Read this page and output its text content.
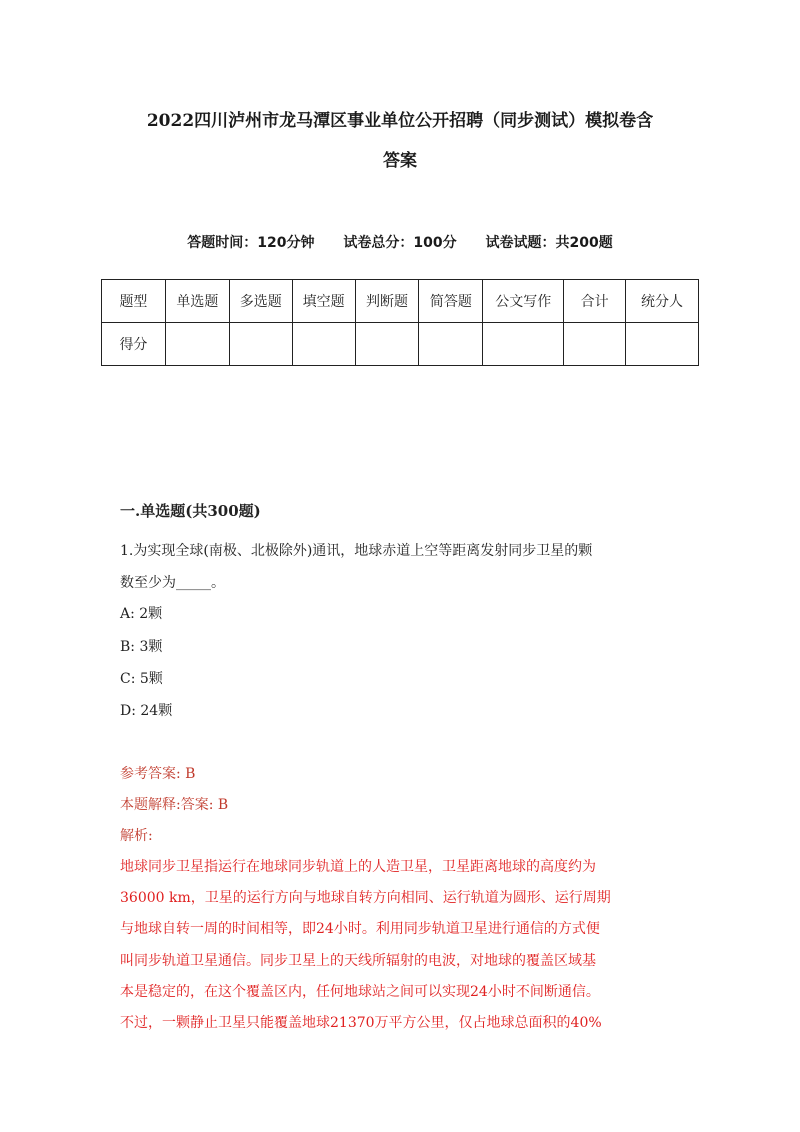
2022四川泸州市龙马潭区事业单位公开招聘（同步测试）模拟卷含
答案
答题时间：120分钟 试卷总分：100分 试卷试题：共200题
题型	单选题	多选题	填空题	判断题	简答题	公文写作	合计	统分人
得分								
一.单选题(共300题)
1.为实现全球(南极、北极除外)通讯，地球赤道上空等距离发射同步卫星的颗
数至少为_____。
A: 2颗
B: 3颗
C: 5颗
D: 24颗
参考答案: B
本题解释:答案: B
解析:
地球同步卫星指运行在地球同步轨道上的人造卫星，卫星距离地球的高度约为
36000 km，卫星的运行方向与地球自转方向相同、运行轨道为圆形、运行周期
与地球自转一周的时间相等，即24小时。利用同步轨道卫星进行通信的方式便
叫同步轨道卫星通信。同步卫星上的天线所辐射的电波，对地球的覆盖区域基
本是稳定的，在这个覆盖区内，任何地球站之间可以实现24小时不间断通信。
不过，一颗静止卫星只能覆盖地球21370万平方公里，仅占地球总面积的40%
